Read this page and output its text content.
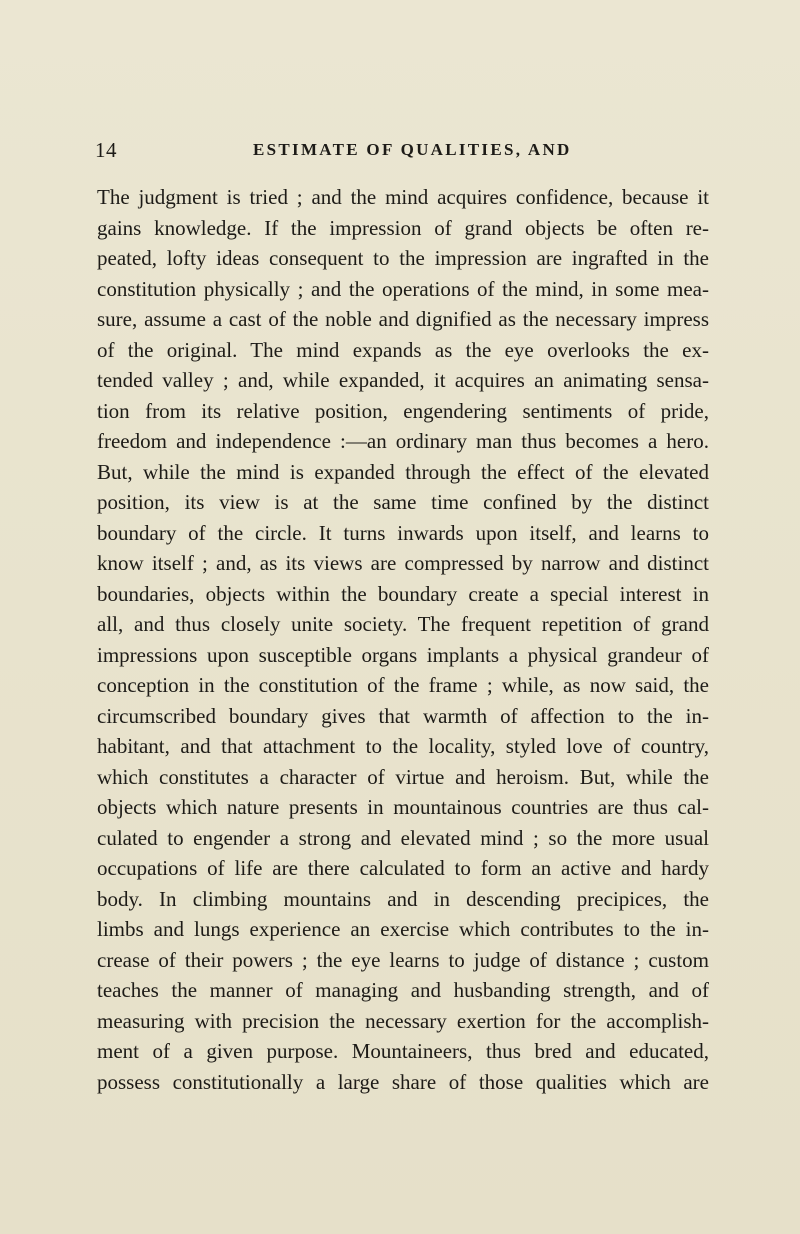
14	ESTIMATE OF QUALITIES, AND
The judgment is tried ; and the mind acquires confidence, because it
gains knowledge. If the impression of grand objects be often re-
peated, lofty ideas consequent to the impression are ingrafted in the
constitution physically ; and the operations of the mind, in some mea-
sure, assume a cast of the noble and dignified as the necessary impress
of the original. The mind expands as the eye overlooks the ex-
tended valley ; and, while expanded, it acquires an animating sensa-
tion from its relative position, engendering sentiments of pride,
freedom and independence :—an ordinary man thus becomes a hero.
But, while the mind is expanded through the effect of the elevated
position, its view is at the same time confined by the distinct
boundary of the circle. It turns inwards upon itself, and learns to
know itself ; and, as its views are compressed by narrow and distinct
boundaries, objects within the boundary create a special interest in
all, and thus closely unite society. The frequent repetition of grand
impressions upon susceptible organs implants a physical grandeur of
conception in the constitution of the frame ; while, as now said, the
circumscribed boundary gives that warmth of affection to the in-
habitant, and that attachment to the locality, styled love of country,
which constitutes a character of virtue and heroism. But, while the
objects which nature presents in mountainous countries are thus cal-
culated to engender a strong and elevated mind ; so the more usual
occupations of life are there calculated to form an active and hardy
body. In climbing mountains and in descending precipices, the
limbs and lungs experience an exercise which contributes to the in-
crease of their powers ; the eye learns to judge of distance ; custom
teaches the manner of managing and husbanding strength, and of
measuring with precision the necessary exertion for the accomplish-
ment of a given purpose. Mountaineers, thus bred and educated,
possess constitutionally a large share of those qualities which are
